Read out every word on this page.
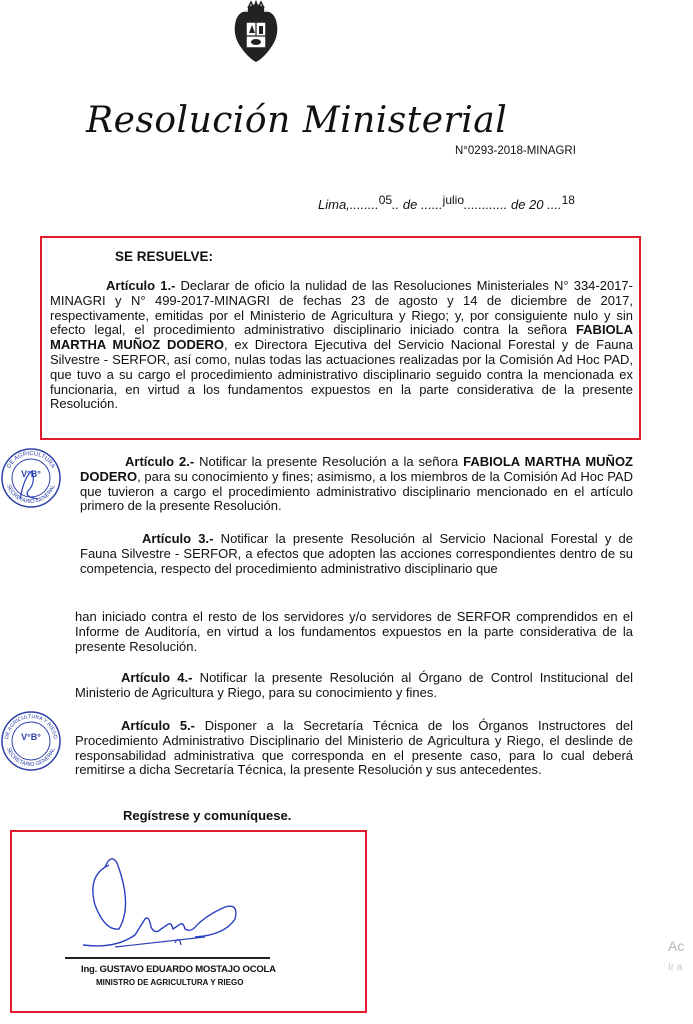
Resolución Ministerial
N°0293-2018-MINAGRI
Lima,........05.. de ......julio............ de 20 ....18
SE RESUELVE:
Artículo 1.- Declarar de oficio la nulidad de las Resoluciones Ministeriales N° 334-2017-MINAGRI y N° 499-2017-MINAGRI de fechas 23 de agosto y 14 de diciembre de 2017, respectivamente, emitidas por el Ministerio de Agricultura y Riego; y, por consiguiente nulo y sin efecto legal, el procedimiento administrativo disciplinario iniciado contra la señora FABIOLA MARTHA MUÑOZ DODERO, ex Directora Ejecutiva del Servicio Nacional Forestal y de Fauna Silvestre - SERFOR, así como, nulas todas las actuaciones realizadas por la Comisión Ad Hoc PAD, que tuvo a su cargo el procedimiento administrativo disciplinario seguido contra la mencionada ex funcionaria, en virtud a los fundamentos expuestos en la parte considerativa de la presente Resolución.
DE AGRICULTURA
SECRETARIO GENERAL
V°B°
Artículo 2.- Notificar la presente Resolución a la señora FABIOLA MARTHA MUÑOZ DODERO, para su conocimiento y fines; asimismo, a los miembros de la Comisión Ad Hoc PAD que tuvieron a cargo el procedimiento administrativo disciplinario mencionado en el artículo primero de la presente Resolución.
Artículo 3.- Notificar la presente Resolución al Servicio Nacional Forestal y de Fauna Silvestre - SERFOR, a efectos que adopten las acciones correspondientes dentro de su competencia, respecto del procedimiento administrativo disciplinario que
han iniciado contra el resto de los servidores y/o servidores de SERFOR comprendidos en el Informe de Auditoría, en virtud a los fundamentos expuestos en la parte considerativa de la presente Resolución.
Artículo 4.- Notificar la presente Resolución al Órgano de Control Institucional del Ministerio de Agricultura y Riego, para su conocimiento y fines.
DE AGRICULTURA Y RIEGO
SECRETARIO GENERAL
V°B°
Artículo 5.- Disponer a la Secretaría Técnica de los Órganos Instructores del Procedimiento Administrativo Disciplinario del Ministerio de Agricultura y Riego, el deslinde de responsabilidad administrativa que corresponda en el presente caso, para lo cual deberá remitirse a dicha Secretaría Técnica, la presente Resolución y sus antecedentes.
Regístrese y comuníquese.
Ing. GUSTAVO EDUARDO MOSTAJO OCOLA
MINISTRO DE AGRICULTURA Y RIEGO
Ac
Ir a
